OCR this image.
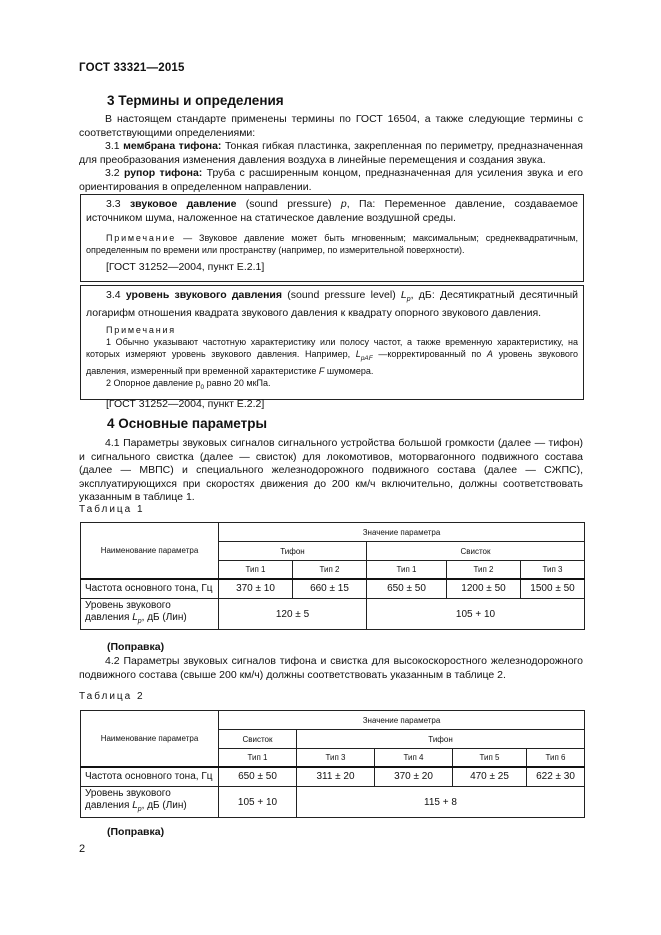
ГОСТ 33321—2015
3 Термины и определения

В настоящем стандарте применены термины по ГОСТ 16504, а также следующие термины с соответствующими определениями:

3.1 мембрана тифона: Тонкая гибкая пластинка, закрепленная по периметру, предназначенная для преобразования изменения давления воздуха в линейные перемещения и создания звука.

3.2 рупор тифона: Труба с расширенным концом, предназначенная для усиления звука и его ориентирования в определенном направлении.

3.3 звуковое давление (sound pressure) p, Па: Переменное давление, создаваемое источником шума, наложенное на статическое давление воздушной среды.

Примечание — Звуковое давление может быть мгновенным; максимальным; среднеквадратичным, определенным по времени или пространству (например, по измерительной поверхности).

[ГОСТ 31252—2004, пункт Е.2.1]

3.4 уровень звукового давления (sound pressure level) $L_p$, дБ: Десятикратный десятичный логарифм отношения квадрата звукового давления к квадрату опорного звукового давления.

Примечания

1 Обычно указывают частотную характеристику или полосу частот, а также временную характеристику, на которых измеряют уровень звукового давления. Например, $L_{pAF}$ —корректированный по A уровень звукового давления, измеренный при временной характеристике F шумомера.

2 Опорное давление $p_0$ равно 20 мкПа.

[ГОСТ 31252—2004, пункт Е.2.2]

4 Основные параметры

4.1 Параметры звуковых сигналов сигнального устройства большой громкости (далее — тифон) и сигнального свистка (далее — свисток) для локомотивов, моторвагонного подвижного состава (далее — МВПС) и специального железнодорожного подвижного состава (далее — СЖПС), эксплуатирующихся при скоростях движения до 200 км/ч включительно, должны соответствовать указанным в таблице 1.

Таблица 1
Наименование параметра	Значение параметра				
	Тифон		Свисток		
	Тип 1	Тип 2	Тип 1	Тип 2	Тип 3
Частота основного тона, Гц	370 ± 10	660 ± 15	650 ± 50	1200 ± 50	1500 ± 50
Уровень звукового давления $L_p$, дБ (Лин)	120 ± 5		105 + 10		
(Поправка)

4.2 Параметры звуковых сигналов тифона и свистка для высокоскоростного железнодорожного подвижного состава (свыше 200 км/ч) должны соответствовать указанным в таблице 2.

Таблица 2
Наименование параметра	Значение параметра				
	Свисток	Тифон			
	Тип 1	Тип 3	Тип 4	Тип 5	Тип 6
Частота основного тона, Гц	650 ± 50	311 ± 20	370 ± 20	470 ± 25	622 ± 30
Уровень звукового давления $L_p$, дБ (Лин)	105 + 10	115 + 8			
(Поправка)
2
